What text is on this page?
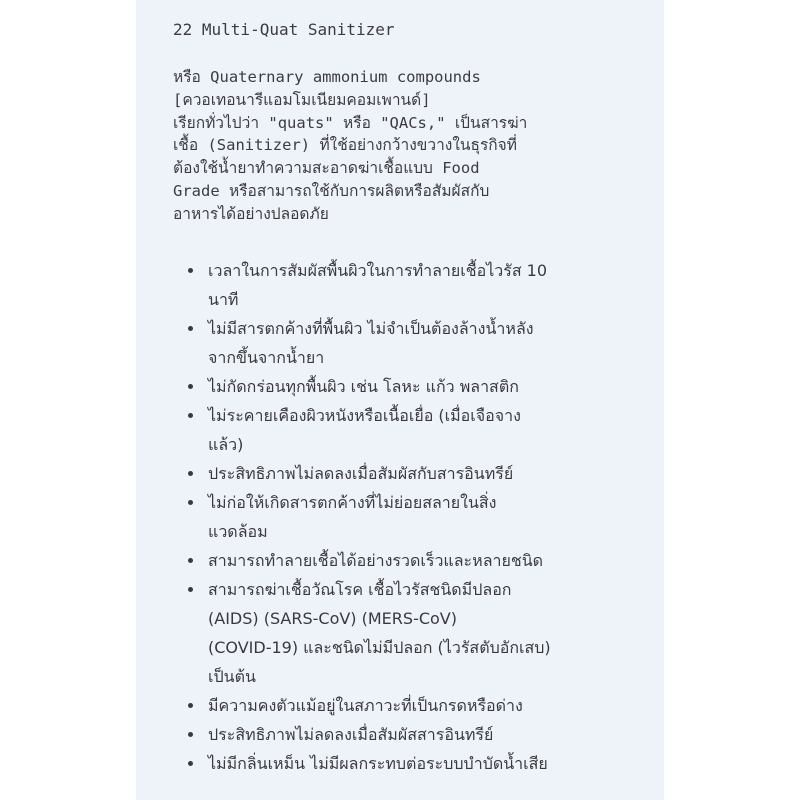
22 Multi-Quat Sanitizer
หรือ Quaternary ammonium compounds
[ควอเทอนารีแอมโมเนียมคอมเพานด์]
เรียกทั่วไปว่า "quats" หรือ "QACs," เป็นสารฆ่า
เชื้อ (Sanitizer) ที่ใช้อย่างกว้างขวางในธุรกิจที่
ต้องใช้น้ำยาทำความสะอาดฆ่าเชื้อแบบ Food
Grade หรือสามารถใช้กับการผลิตหรือสัมผัสกับ
อาหารได้อย่างปลอดภัย
เวลาในการสัมผัสพื้นผิวในการทำลายเชื้อไวรัส 10
นาที
ไม่มีสารตกค้างที่พื้นผิว ไม่จำเป็นต้องล้างน้ำหลัง
จากขึ้นจากน้ำยา
ไม่กัดกร่อนทุกพื้นผิว เช่น โลหะ แก้ว พลาสติก
ไม่ระคายเคืองผิวหนังหรือเนื้อเยื่อ (เมื่อเจือจาง
แล้ว)
ประสิทธิภาพไม่ลดลงเมื่อสัมผัสกับสารอินทรีย์
ไม่ก่อให้เกิดสารตกค้างที่ไม่ย่อยสลายในสิ่ง
แวดล้อม
สามารถทำลายเชื้อได้อย่างรวดเร็วและหลายชนิด
สามารถฆ่าเชื้อวัณโรค เชื้อไวรัสชนิดมีปลอก
(AIDS) (SARS-CoV) (MERS-CoV)
(COVID-19) และชนิดไม่มีปลอก (ไวรัสตับอักเสบ)
เป็นต้น
มีความคงตัวแม้อยู่ในสภาวะที่เป็นกรดหรือด่าง
ประสิทธิภาพไม่ลดลงเมื่อสัมผัสสารอินทรีย์
ไม่มีกลิ่นเหม็น ไม่มีผลกระทบต่อระบบบำบัดน้ำเสีย
